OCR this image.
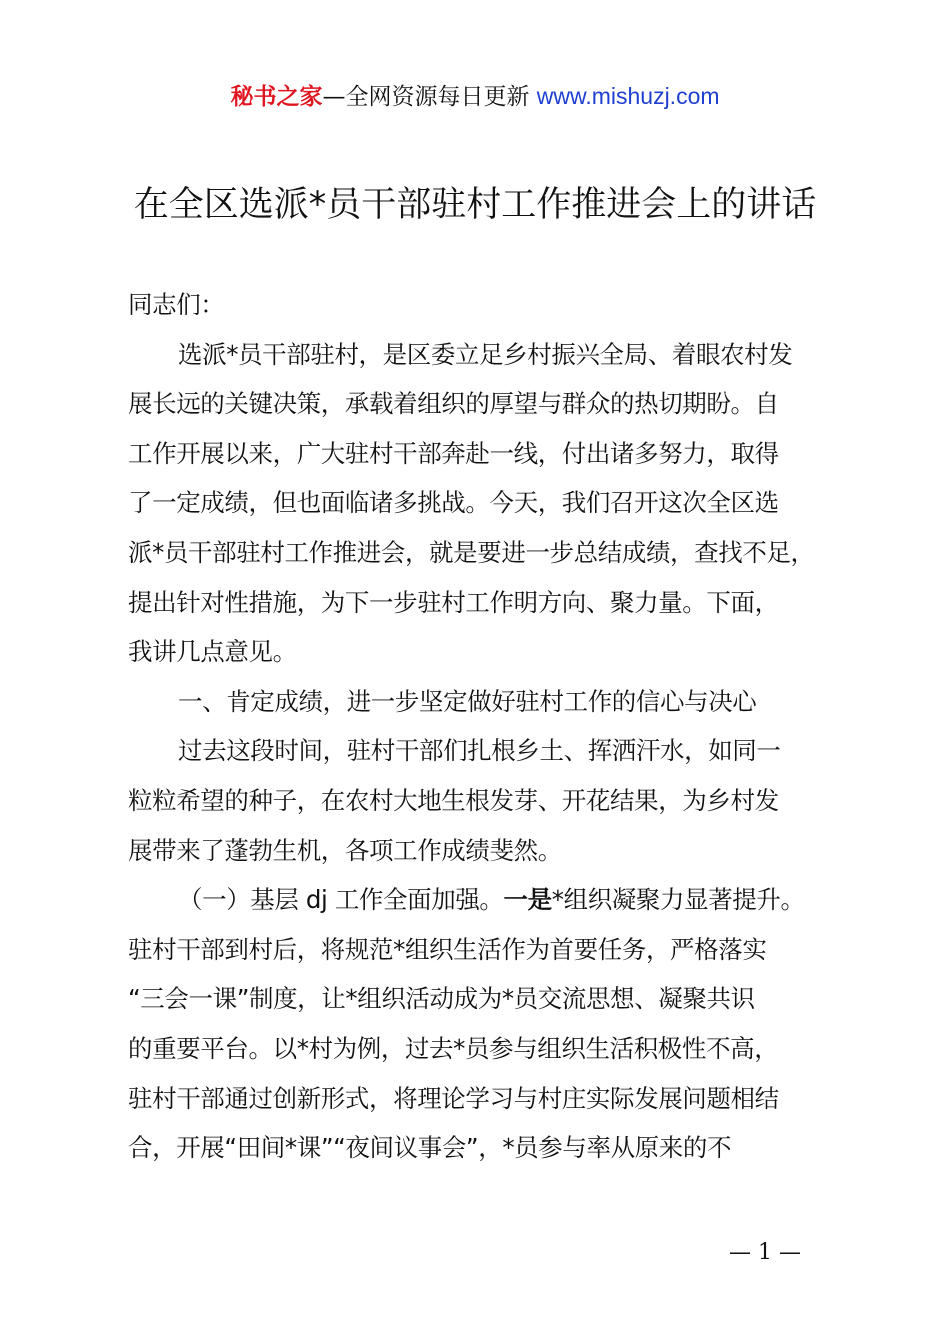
秘书之家—全网资源每日更新 www.mishuzj.com
在全区选派*员干部驻村工作推进会上的讲话
同志们：
选派*员干部驻村，是区委立足乡村振兴全局、着眼农村发
展长远的关键决策，承载着组织的厚望与群众的热切期盼。自
工作开展以来，广大驻村干部奔赴一线，付出诸多努力，取得
了一定成绩，但也面临诸多挑战。今天，我们召开这次全区选
派*员干部驻村工作推进会，就是要进一步总结成绩，查找不足，
提出针对性措施，为下一步驻村工作明方向、聚力量。下面，
我讲几点意见。
一、肯定成绩，进一步坚定做好驻村工作的信心与决心
过去这段时间，驻村干部们扎根乡土、挥洒汗水，如同一
粒粒希望的种子，在农村大地生根发芽、开花结果，为乡村发
展带来了蓬勃生机，各项工作成绩斐然。
（一）基层 dj 工作全面加强。一是*组织凝聚力显著提升。
驻村干部到村后，将规范*组织生活作为首要任务，严格落实
“三会一课”制度，让*组织活动成为*员交流思想、凝聚共识
的重要平台。以*村为例，过去*员参与组织生活积极性不高，
驻村干部通过创新形式，将理论学习与村庄实际发展问题相结
合，开展“田间*课”“夜间议事会”，*员参与率从原来的不
— 1 —
